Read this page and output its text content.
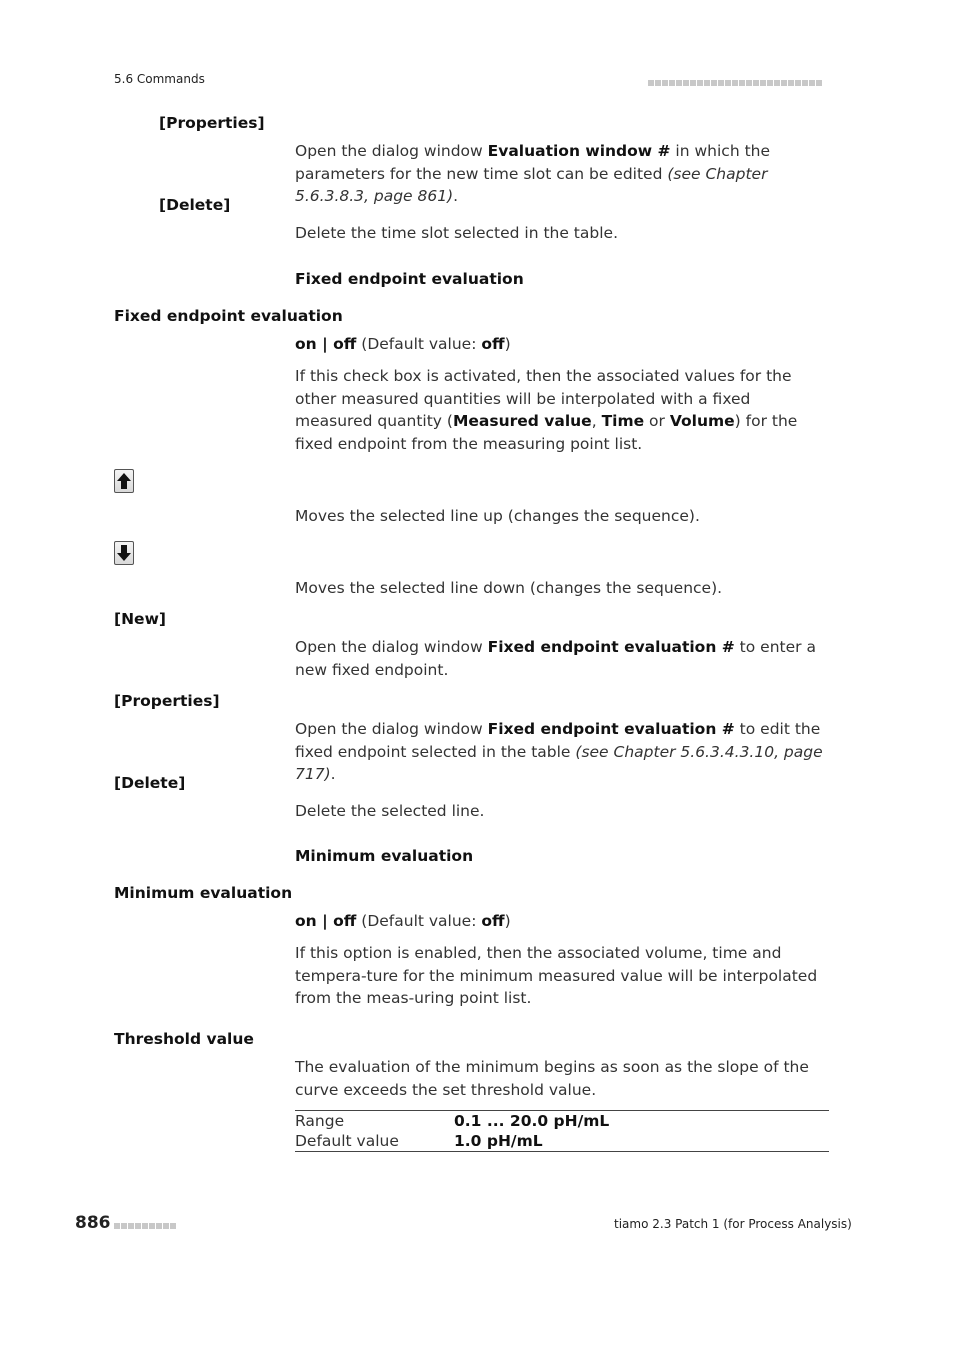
5.6 Commands
[Properties]
Open the dialog window Evaluation window # in which the parameters for the new time slot can be edited (see Chapter 5.6.3.8.3, page 861).
[Delete]
Delete the time slot selected in the table.
Fixed endpoint evaluation
Fixed endpoint evaluation
on | off (Default value: off)
If this check box is activated, then the associated values for the other measured quantities will be interpolated with a fixed measured quantity (Measured value, Time or Volume) for the fixed endpoint from the measuring point list.
Moves the selected line up (changes the sequence).
Moves the selected line down (changes the sequence).
[New]
Open the dialog window Fixed endpoint evaluation # to enter a new fixed endpoint.
[Properties]
Open the dialog window Fixed endpoint evaluation # to edit the fixed endpoint selected in the table (see Chapter 5.6.3.4.3.10, page 717).
[Delete]
Delete the selected line.
Minimum evaluation
Minimum evaluation
on | off (Default value: off)
If this option is enabled, then the associated volume, time and tempera-ture for the minimum measured value will be interpolated from the meas-uring point list.
Threshold value
The evaluation of the minimum begins as soon as the slope of the curve exceeds the set threshold value.
Range	0.1 ... 20.0 pH/mL
Default value	1.0 pH/mL
886	tiamo 2.3 Patch 1 (for Process Analysis)
